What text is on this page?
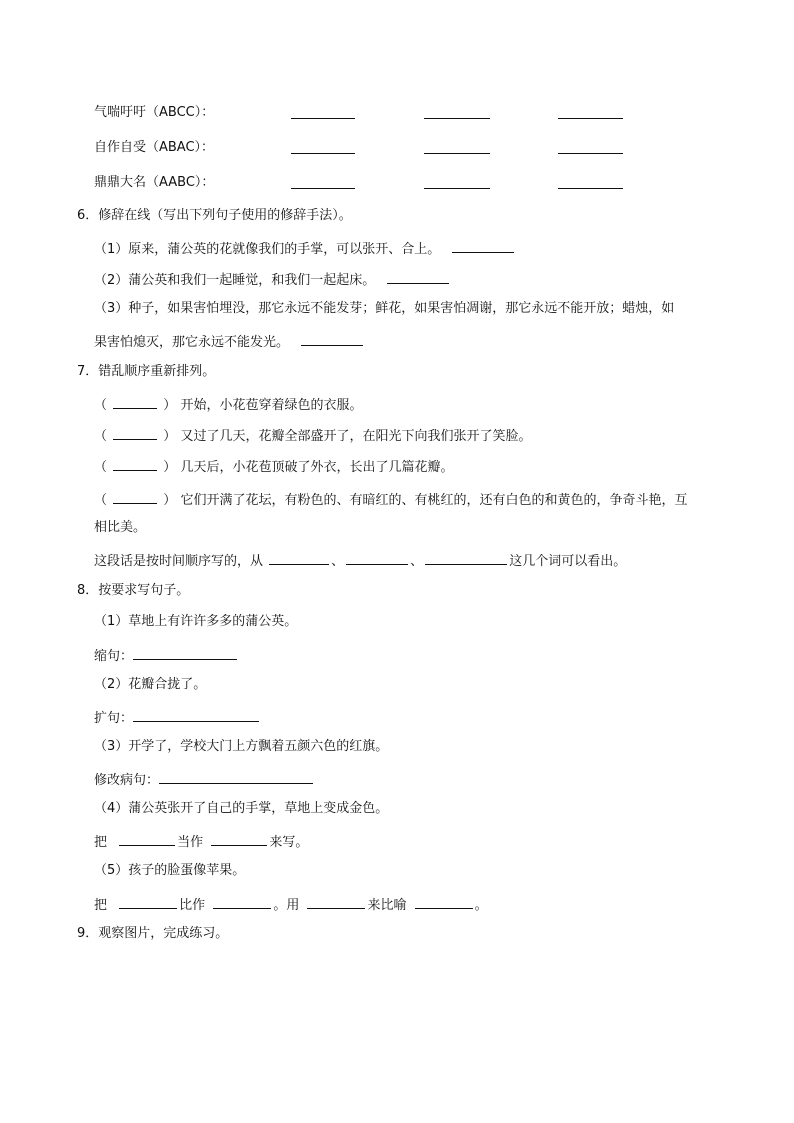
气喘吁吁（ABCC）：
自作自受（ABAC）：
鼎鼎大名（AABC）：
6．修辞在线（写出下列句子使用的修辞手法）。
（1）原来，蒲公英的花就像我们的手掌，可以张开、合上。
（2）蒲公英和我们一起睡觉，和我们一起起床。
（3）种子，如果害怕埋没，那它永远不能发芽；鲜花，如果害怕凋谢，那它永远不能开放；蜡烛，如
果害怕熄灭，那它永远不能发光。
7．错乱顺序重新排列。
（	） 开始，小花苞穿着绿色的衣服。
（	） 又过了几天，花瓣全部盛开了，在阳光下向我们张开了笑脸。
（	） 几天后，小花苞顶破了外衣，长出了几篇花瓣。
（	） 它们开满了花坛，有粉色的、有暗红的、有桃红的，还有白色的和黄色的，争奇斗艳，互
相比美。
这段话是按时间顺序写的，从	、	、	这几个词可以看出。
8．按要求写句子。
（1）草地上有许许多多的蒲公英。
缩句：
（2）花瓣合拢了。
扩句：
（3）开学了，学校大门上方飘着五颜六色的红旗。
修改病句：
（4）蒲公英张开了自己的手掌，草地上变成金色。
把	当作	来写。
（5）孩子的脸蛋像苹果。
把	比作	。用	来比喻	。
9．观察图片，完成练习。
